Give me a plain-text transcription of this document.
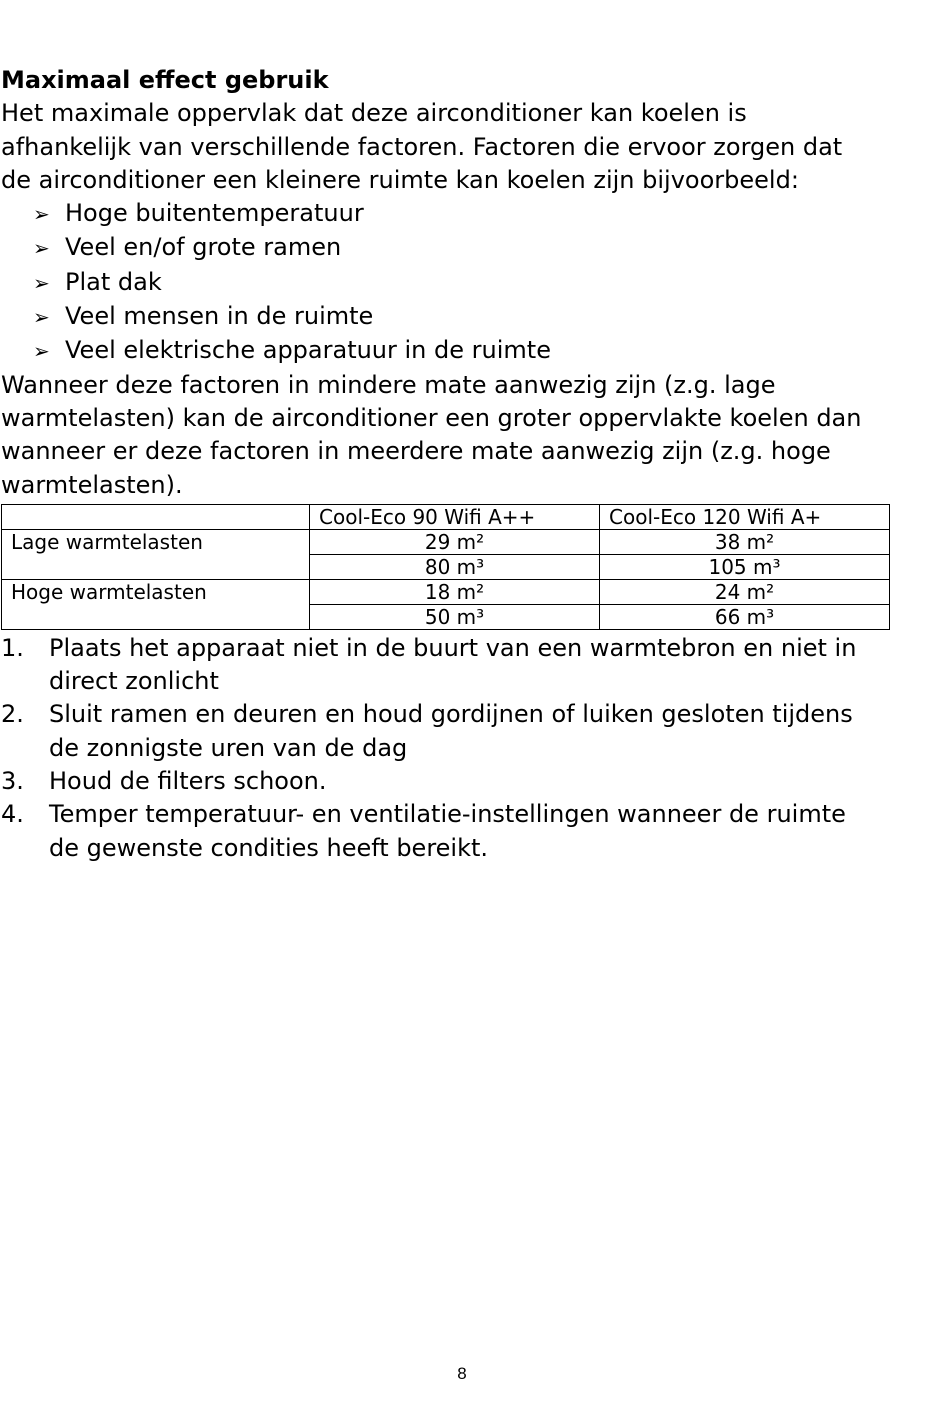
Maximaal effect gebruik

Het maximale oppervlak dat deze airconditioner kan koelen is

afhankelijk van verschillende factoren. Factoren die ervoor zorgen dat

de airconditioner een kleinere ruimte kan koelen zijn bijvoorbeeld:

➢ Hoge buitentemperatuur
➢ Veel en/of grote ramen
➢ Plat dak
➢ Veel mensen in de ruimte
➢ Veel elektrische apparatuur in de ruimte

Wanneer deze factoren in mindere mate aanwezig zijn (z.g. lage

warmtelasten) kan de airconditioner een groter oppervlakte koelen dan

wanneer er deze factoren in meerdere mate aanwezig zijn (z.g. hoge

warmtelasten).

	Cool-Eco 90 Wifi A++	Cool-Eco 120 Wifi A+
Lage warmtelasten	29 m²	38 m²
	80 m³	105 m³
Hoge warmtelasten	18 m²	24 m²
	50 m³	66 m³
1. Plaats het apparaat niet in de buurt van een warmtebron en niet in
direct zonlicht
2. Sluit ramen en deuren en houd gordijnen of luiken gesloten tijdens
de zonnigste uren van de dag
3. Houd de filters schoon.
4. Temper temperatuur- en ventilatie-instellingen wanneer de ruimte
de gewenste condities heeft bereikt.
8
